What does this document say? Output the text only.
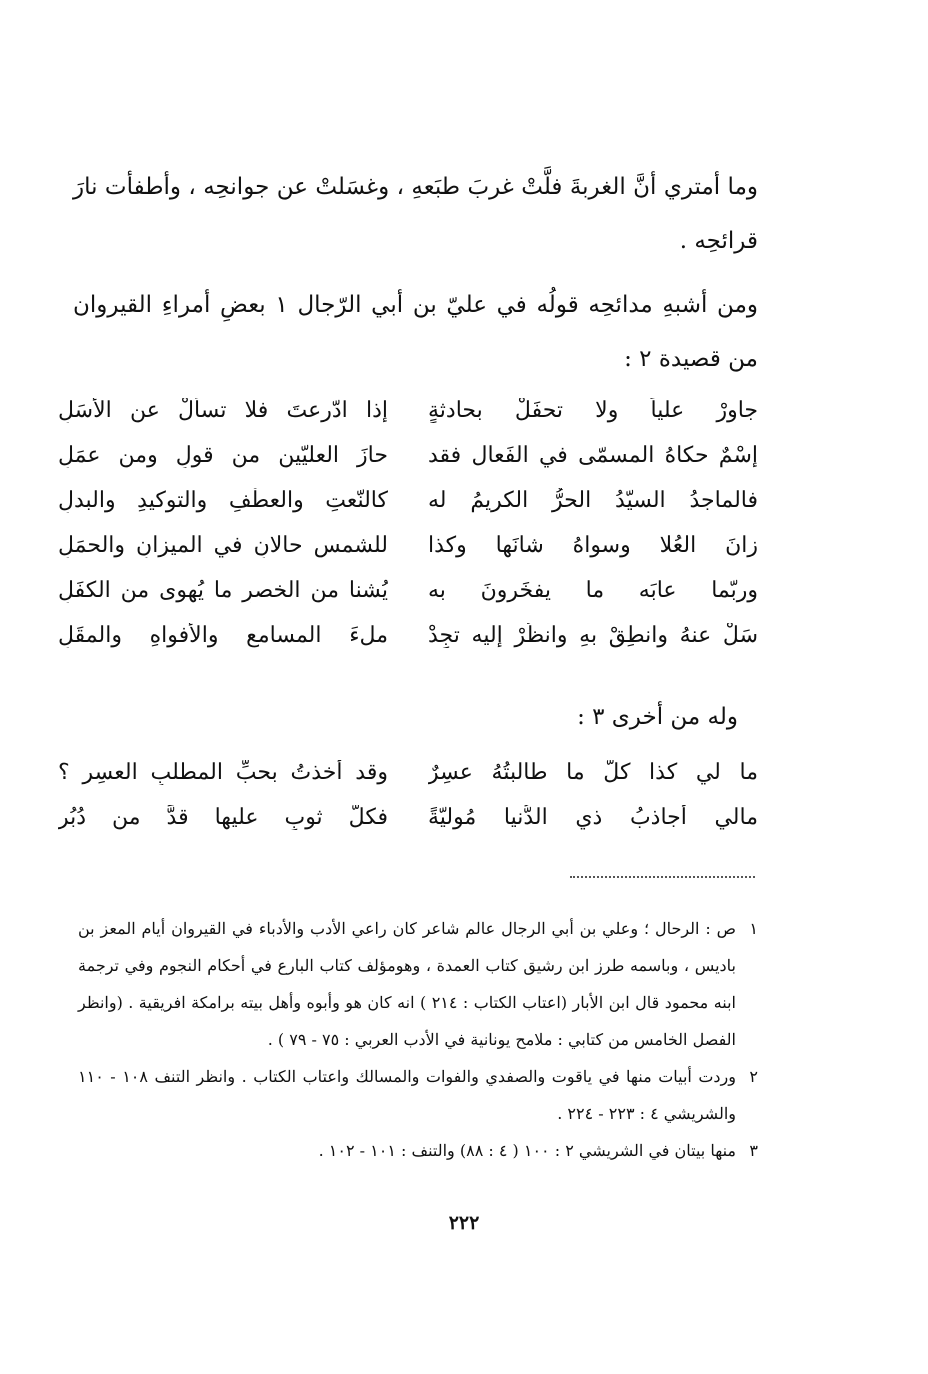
وما أمتري أنَّ الغربةَ فلَّتْ غربَ طبَعهِ ، وغسَلتْ عن جوانحِه ، وأطفأت نارَ قرائحِه .

ومن أشبهِ مدائحِه قولُه في عليّ بن أبي الرّجال ١ بعضِ أمراءِ القيروان من قصيدة ٢ :

جاوِرْ علياً ولا تحفَلْ بحادثةٍ
إذا ادّرعتَ فلا تسألْ عن الأسَلِ
إسْمٌ حكاهُ المسمّى في الفَعال فقد
حازَ العليّينِ من قولٍ ومن عمَلِ
فالماجدُ السيّدُ الحرُّ الكريمُ له
كالنّعتِ والعطْفِ والتوكيدِ والبدلِ
زانَ العُلا وسواهُ شانَها وكذا
للشمسِ حالانِ في الميزانِ والحمَلِ
وربّما عابَه ما يفخَرونَ به
يُشنا من الخصرِ ما يُهوى من الكفَلِ
سَلْ عنهُ وانطِقْ بهِ وانظُرْ إليه تجِدْ
ملءَ المسامعِ والأفواهِ والمقَلِ

وله من أخرى ٣ :

ما لي كذا كلُّ ما طالبتُهُ عسِرٌ
وقد أخذتُ بحبِّ المطلبِ العسِرِ ؟
مالي أجاذبُ ذي الدُّنيا مُوليّةً
فكلُّ ثوبٍ عليها قدَّ من دُبُرِ
١
ص : الرحال ؛ وعلي بن أبي الرجال عالم شاعر كان راعي الأدب والأدباء في القيروان أيام المعز بن باديس ، وباسمه طرز ابن رشيق كتاب العمدة ، وهومؤلف كتاب البارع في أحكام النجوم وفي ترجمة ابنه محمود قال ابن الأبار (اعتاب الكتاب : ٢١٤ ) انه كان هو وأبوه وأهل بيته برامكة افريقية . (وانظر الفصل الخامس من كتابي : ملامح يونانية في الأدب العربي : ٧٥ - ٧٩ ) .
٢
وردت أبيات منها في ياقوت والصفدي والفوات والمسالك واعتاب الكتاب . وانظر التنف ١٠٨ - ١١٠ والشريشي ٤ : ٢٢٣ - ٢٢٤ .
٣
منها بيتان في الشريشي ٢ : ١٠٠ ( ٤ : ٨٨) والتنف : ١٠١ - ١٠٢ .
٢٢٢
